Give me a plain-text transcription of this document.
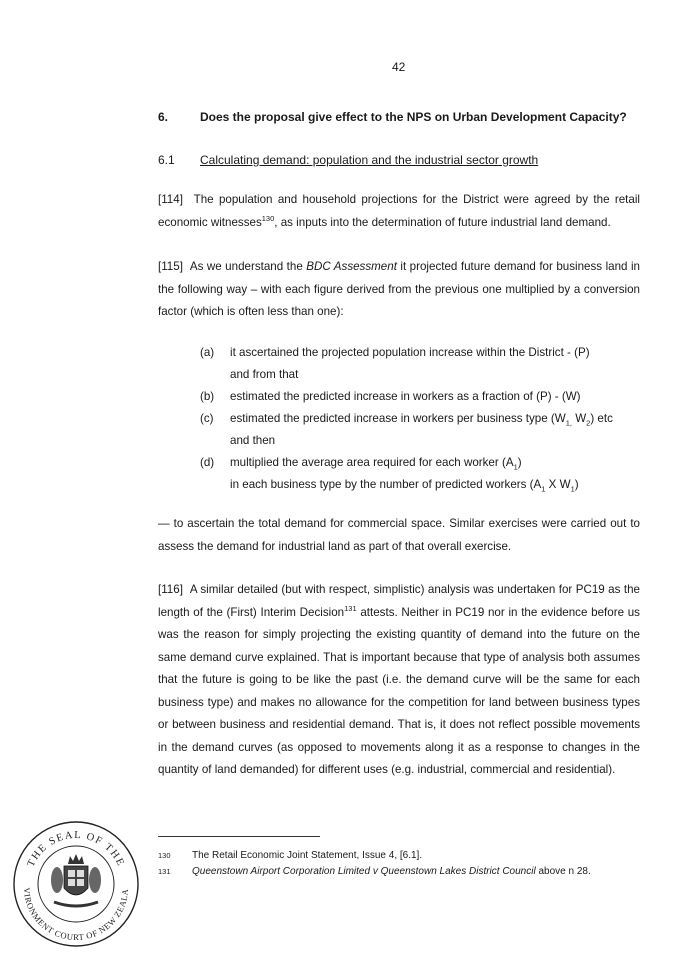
42
6.	Does the proposal give effect to the NPS on Urban Development Capacity?
6.1 Calculating demand: population and the industrial sector growth
[114] The population and household projections for the District were agreed by the retail economic witnesses$^{130}$, as inputs into the determination of future industrial land demand.
[115] As we understand the BDC Assessment it projected future demand for business land in the following way – with each figure derived from the previous one multiplied by a conversion factor (which is often less than one):
(a) it ascertained the projected population increase within the District - (P)
and from that
(b) estimated the predicted increase in workers as a fraction of (P) - (W)
(c) estimated the predicted increase in workers per business type ($W_{1,}$ $W_2$) etc
and then
(d) multiplied the average area required for each worker $(A_1)$
in each business type by the number of predicted workers ($A_1$ X $W_1$)
— to ascertain the total demand for commercial space. Similar exercises were carried out to assess the demand for industrial land as part of that overall exercise.
[116] A similar detailed (but with respect, simplistic) analysis was undertaken for PC19 as the length of the (First) Interim Decision$^{131}$ attests. Neither in PC19 nor in the evidence before us was the reason for simply projecting the existing quantity of demand into the future on the same demand curve explained. That is important because that type of analysis both assumes that the future is going to be like the past (i.e. the demand curve will be the same for each business type) and makes no allowance for the competition for land between business types or between business and residential demand. That is, it does not reflect possible movements in the demand curves (as opposed to movements along it as a response to changes in the quantity of land demanded) for different uses (e.g. industrial, commercial and residential).
130 The Retail Economic Joint Statement, Issue 4, [6.1].
131 Queenstown Airport Corporation Limited v Queenstown Lakes District Council above n 28.
THE SEAL OF THE
VIRONMENT COURT OF NEW ZEALA
